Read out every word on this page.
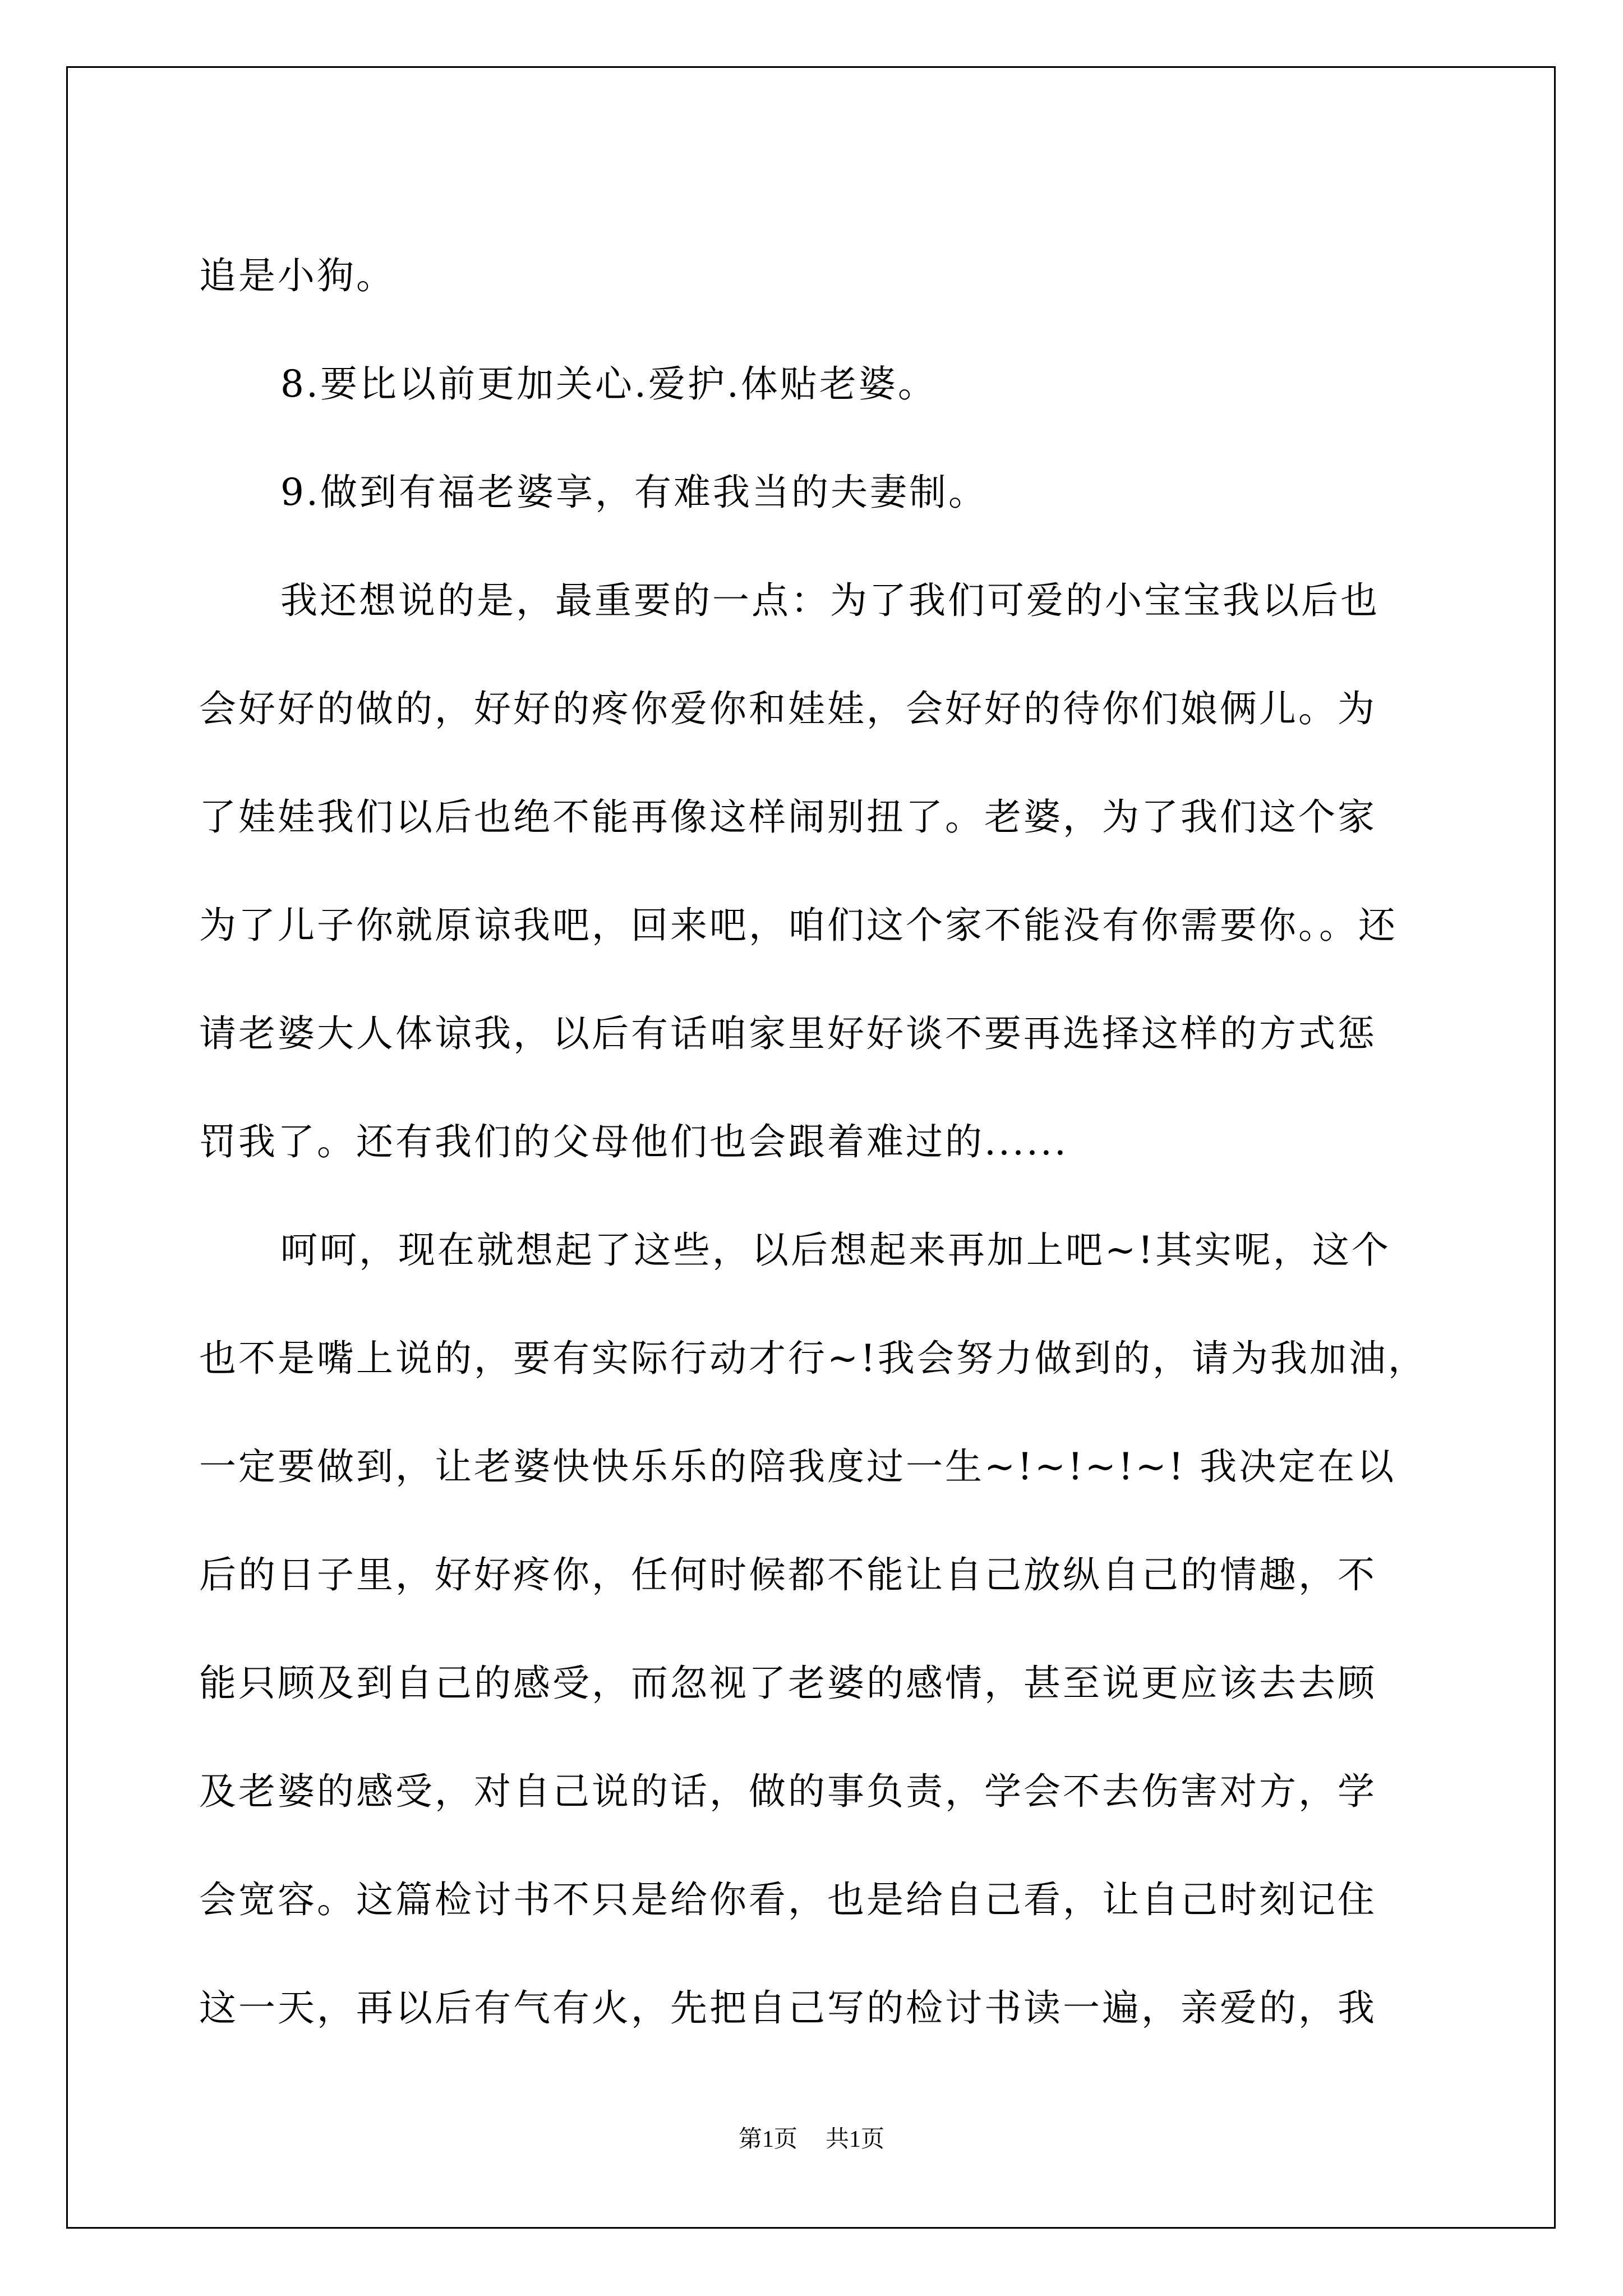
追是小狗。
8.要比以前更加关心.爱护.体贴老婆。
9.做到有福老婆享，有难我当的夫妻制。
我还想说的是，最重要的一点：为了我们可爱的小宝宝我以后也
会好好的做的，好好的疼你爱你和娃娃，会好好的待你们娘俩儿。为
了娃娃我们以后也绝不能再像这样闹别扭了。老婆，为了我们这个家
为了儿子你就原谅我吧，回来吧，咱们这个家不能没有你需要你。。还
请老婆大人体谅我，以后有话咱家里好好谈不要再选择这样的方式惩
罚我了。还有我们的父母他们也会跟着难过的......
呵呵，现在就想起了这些，以后想起来再加上吧~!其实呢，这个
也不是嘴上说的，要有实际行动才行~!我会努力做到的，请为我加油，
一定要做到，让老婆快快乐乐的陪我度过一生~!~!~!~! 我决定在以
后的日子里，好好疼你，任何时候都不能让自己放纵自己的情趣，不
能只顾及到自己的感受，而忽视了老婆的感情，甚至说更应该去去顾
及老婆的感受，对自己说的话，做的事负责，学会不去伤害对方，学
会宽容。这篇检讨书不只是给你看，也是给自己看，让自己时刻记住
这一天，再以后有气有火，先把自己写的检讨书读一遍，亲爱的，我
第1页 共1页
